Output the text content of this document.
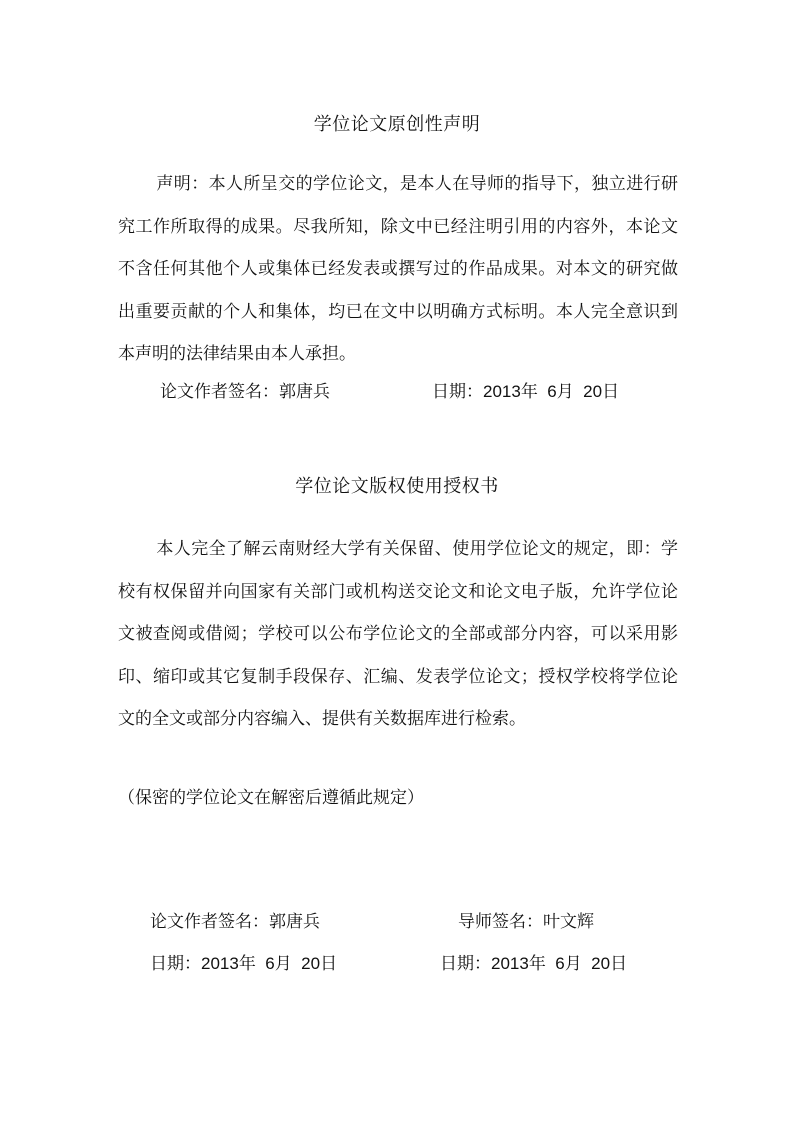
学位论文原创性声明

声明：本人所呈交的学位论文，是本人在导师的指导下，独立进行研究工作所取得的成果。尽我所知，除文中已经注明引用的内容外，本论文不含任何其他个人或集体已经发表或撰写过的作品成果。对本文的研究做出重要贡献的个人和集体，均已在文中以明确方式标明。本人完全意识到本声明的法律结果由本人承担。

论文作者签名：郭唐兵	日期：2013年  6月  20日
学位论文版权使用授权书

本人完全了解云南财经大学有关保留、使用学位论文的规定，即：学校有权保留并向国家有关部门或机构送交论文和论文电子版，允许学位论文被查阅或借阅；学校可以公布学位论文的全部或部分内容，可以采用影印、缩印或其它复制手段保存、汇编、发表学位论文；授权学校将学位论文的全文或部分内容编入、提供有关数据库进行检索。

（保密的学位论文在解密后遵循此规定）
论文作者签名：郭唐兵	导师签名：叶文辉
日期：2013年  6月  20日	日期：2013年  6月  20日
